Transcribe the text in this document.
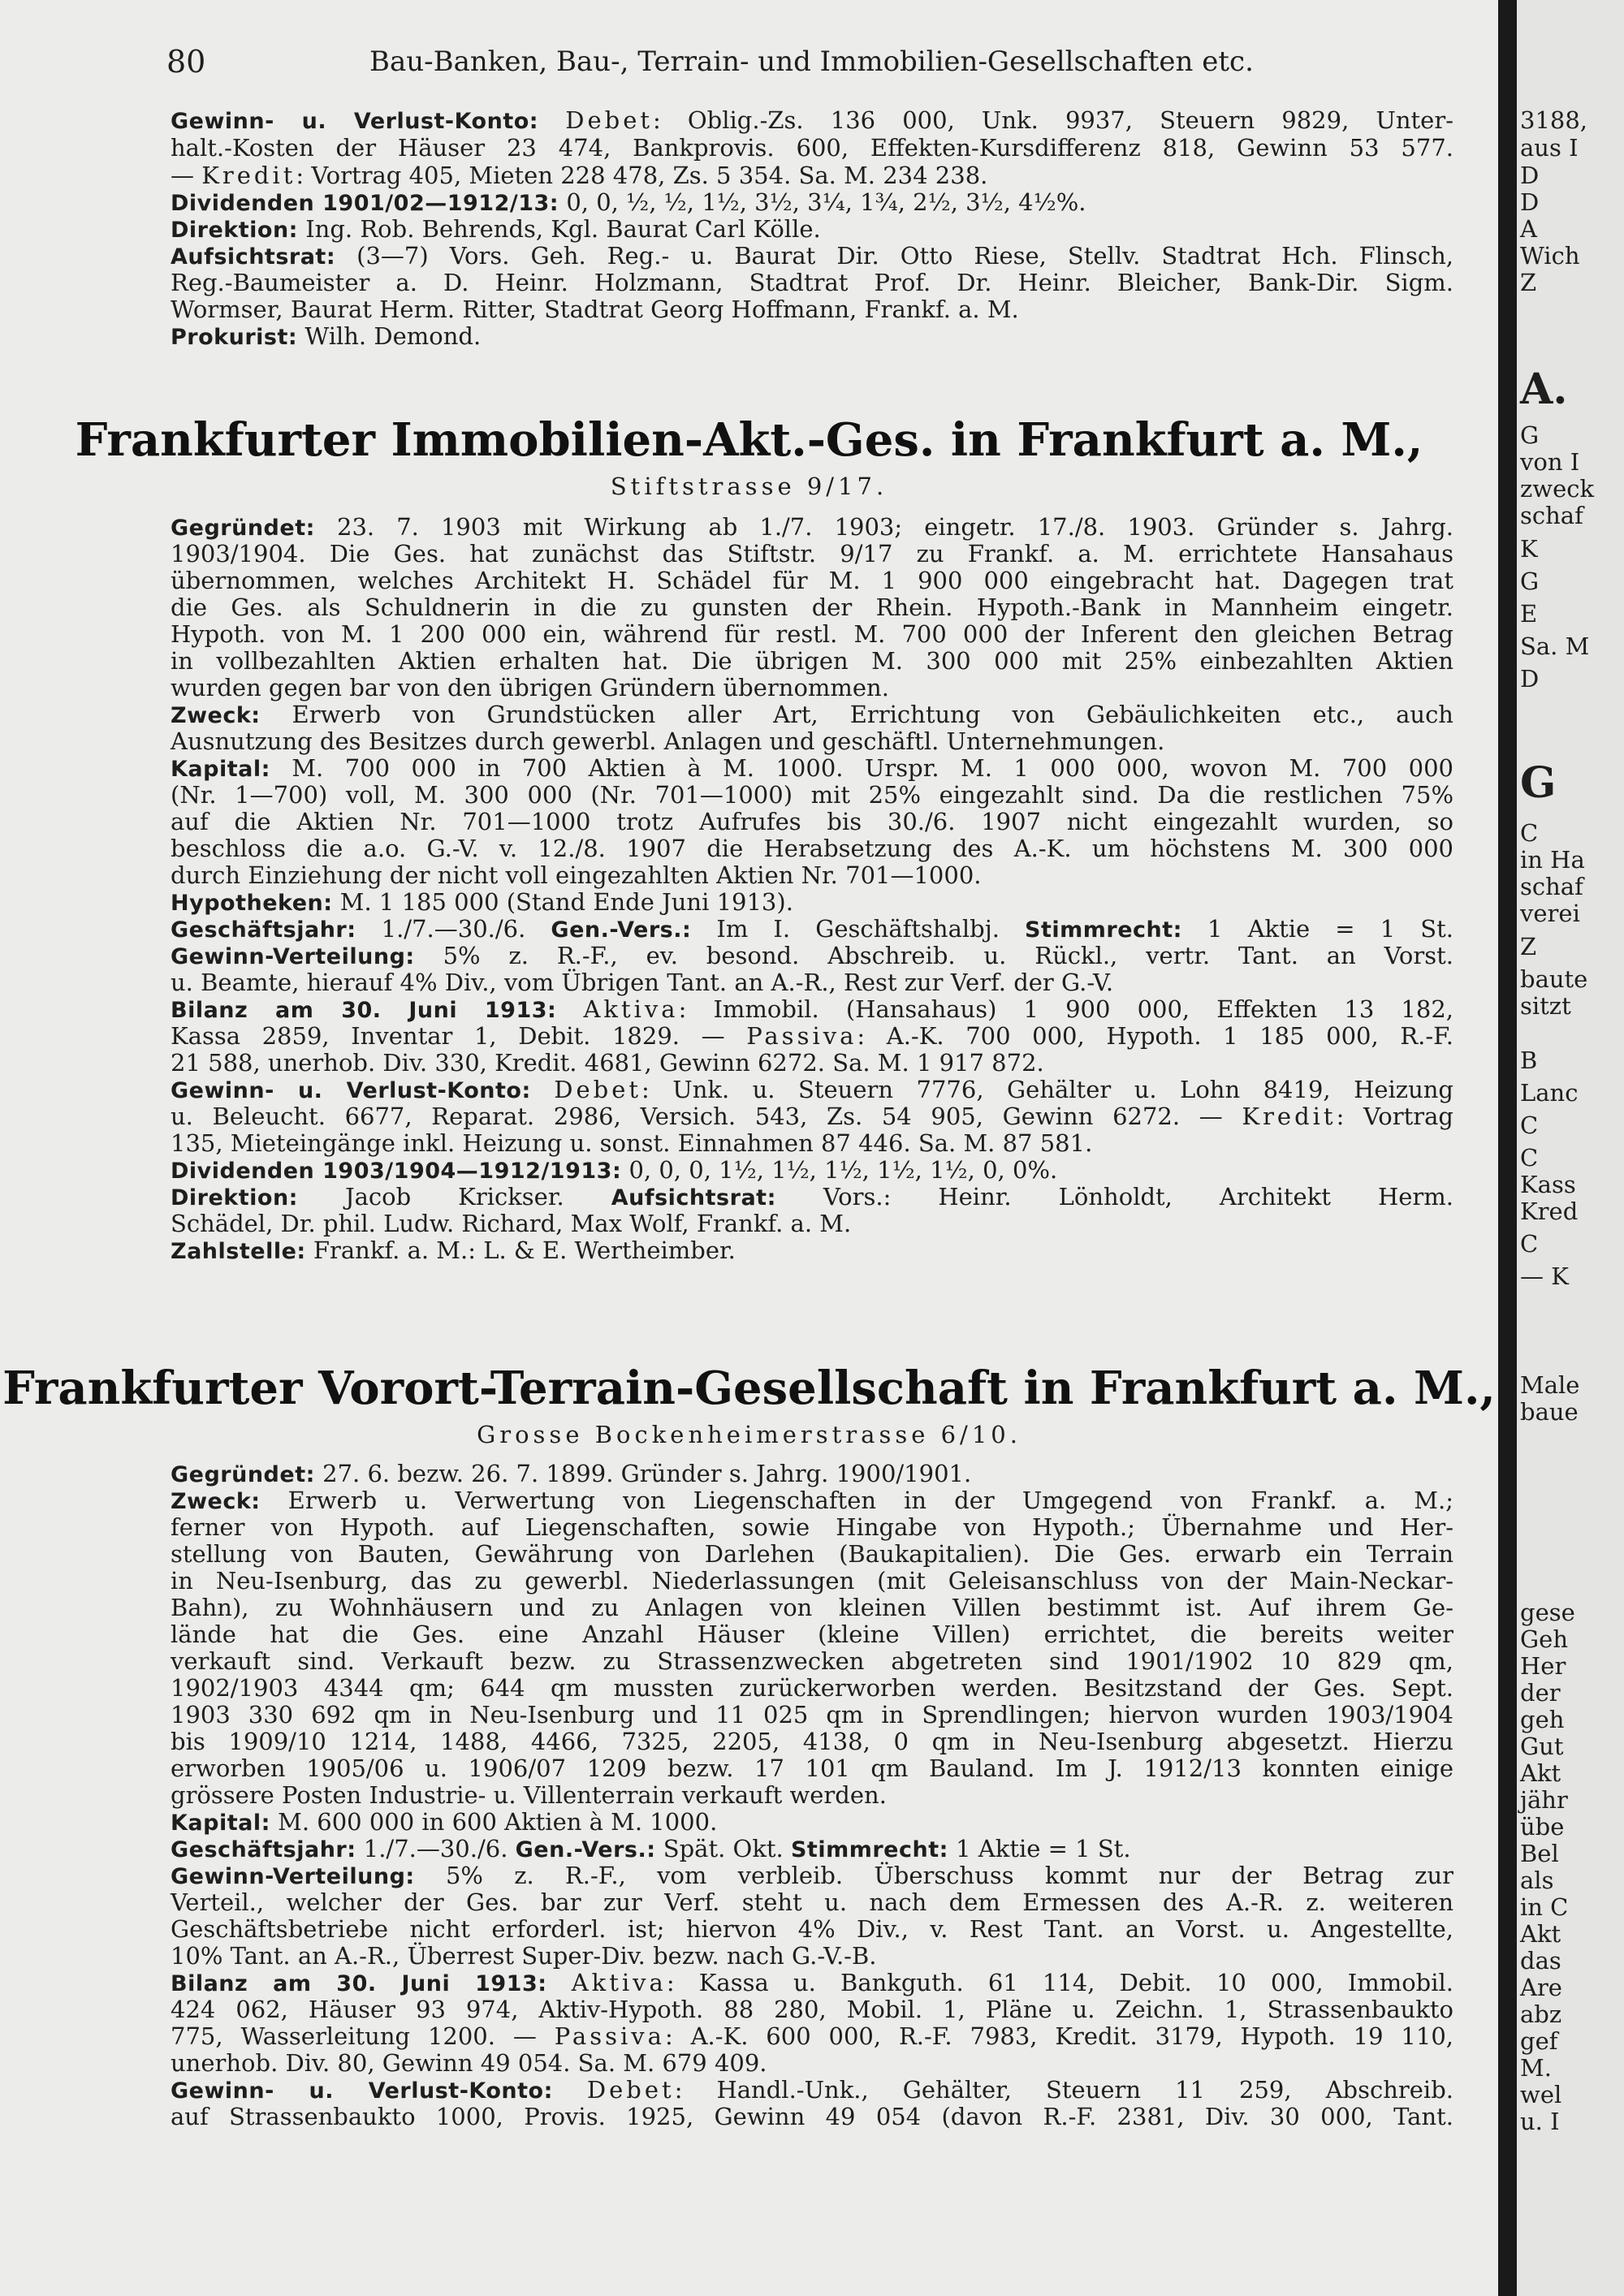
80	Bau-Banken, Bau-, Terrain- und Immobilien-Gesellschaften etc.
Gewinn- u. Verlust-Konto: Debet: Oblig.-Zs. 136 000, Unk. 9937, Steuern 9829, Unter-
halt.-Kosten der Häuser 23 474, Bankprovis. 600, Effekten-Kursdifferenz 818, Gewinn 53 577.
— Kredit: Vortrag 405, Mieten 228 478, Zs. 5 354. Sa. M. 234 238.
Dividenden 1901/02—1912/13: 0, 0, ½, ½, 1½, 3½, 3¼, 1¾, 2½, 3½, 4½%.
Direktion: Ing. Rob. Behrends, Kgl. Baurat Carl Kölle.
Aufsichtsrat: (3—7) Vors. Geh. Reg.- u. Baurat Dir. Otto Riese, Stellv. Stadtrat Hch. Flinsch,
Reg.-Baumeister a. D. Heinr. Holzmann, Stadtrat Prof. Dr. Heinr. Bleicher, Bank-Dir. Sigm.
Wormser, Baurat Herm. Ritter, Stadtrat Georg Hoffmann, Frankf. a. M.
Prokurist: Wilh. Demond.
Gegründet: 23. 7. 1903 mit Wirkung ab 1./7. 1903; eingetr. 17./8. 1903. Gründer s. Jahrg.
1903/1904. Die Ges. hat zunächst das Stiftstr. 9/17 zu Frankf. a. M. errichtete Hansahaus
übernommen, welches Architekt H. Schädel für M. 1 900 000 eingebracht hat. Dagegen trat
die Ges. als Schuldnerin in die zu gunsten der Rhein. Hypoth.-Bank in Mannheim eingetr.
Hypoth. von M. 1 200 000 ein, während für restl. M. 700 000 der Inferent den gleichen Betrag
in vollbezahlten Aktien erhalten hat. Die übrigen M. 300 000 mit 25% einbezahlten Aktien
wurden gegen bar von den übrigen Gründern übernommen.
Zweck: Erwerb von Grundstücken aller Art, Errichtung von Gebäulichkeiten etc., auch
Ausnutzung des Besitzes durch gewerbl. Anlagen und geschäftl. Unternehmungen.
Kapital: M. 700 000 in 700 Aktien à M. 1000. Urspr. M. 1 000 000, wovon M. 700 000
(Nr. 1—700) voll, M. 300 000 (Nr. 701—1000) mit 25% eingezahlt sind. Da die restlichen 75%
auf die Aktien Nr. 701—1000 trotz Aufrufes bis 30./6. 1907 nicht eingezahlt wurden, so
beschloss die a.o. G.-V. v. 12./8. 1907 die Herabsetzung des A.-K. um höchstens M. 300 000
durch Einziehung der nicht voll eingezahlten Aktien Nr. 701—1000.
Hypotheken: M. 1 185 000 (Stand Ende Juni 1913).
Geschäftsjahr: 1./7.—30./6. Gen.-Vers.: Im I. Geschäftshalbj. Stimmrecht: 1 Aktie = 1 St.
Gewinn-Verteilung: 5% z. R.-F., ev. besond. Abschreib. u. Rückl., vertr. Tant. an Vorst.
u. Beamte, hierauf 4% Div., vom Übrigen Tant. an A.-R., Rest zur Verf. der G.-V.
Bilanz am 30. Juni 1913: Aktiva: Immobil. (Hansahaus) 1 900 000, Effekten 13 182,
Kassa 2859, Inventar 1, Debit. 1829. — Passiva: A.-K. 700 000, Hypoth. 1 185 000, R.-F.
21 588, unerhob. Div. 330, Kredit. 4681, Gewinn 6272. Sa. M. 1 917 872.
Gewinn- u. Verlust-Konto: Debet: Unk. u. Steuern 7776, Gehälter u. Lohn 8419, Heizung
u. Beleucht. 6677, Reparat. 2986, Versich. 543, Zs. 54 905, Gewinn 6272. — Kredit: Vortrag
135, Mieteingänge inkl. Heizung u. sonst. Einnahmen 87 446. Sa. M. 87 581.
Dividenden 1903/1904—1912/1913: 0, 0, 0, 1½, 1½, 1½, 1½, 1½, 0, 0%.
Direktion: Jacob Krickser. Aufsichtsrat: Vors.: Heinr. Lönholdt, Architekt Herm.
Schädel, Dr. phil. Ludw. Richard, Max Wolf, Frankf. a. M.
Zahlstelle: Frankf. a. M.: L. & E. Wertheimber.
Gegründet: 27. 6. bezw. 26. 7. 1899. Gründer s. Jahrg. 1900/1901.
Zweck: Erwerb u. Verwertung von Liegenschaften in der Umgegend von Frankf. a. M.;
ferner von Hypoth. auf Liegenschaften, sowie Hingabe von Hypoth.; Übernahme und Her-
stellung von Bauten, Gewährung von Darlehen (Baukapitalien). Die Ges. erwarb ein Terrain
in Neu-Isenburg, das zu gewerbl. Niederlassungen (mit Geleisanschluss von der Main-Neckar-
Bahn), zu Wohnhäusern und zu Anlagen von kleinen Villen bestimmt ist. Auf ihrem Ge-
lände hat die Ges. eine Anzahl Häuser (kleine Villen) errichtet, die bereits weiter
verkauft sind. Verkauft bezw. zu Strassenzwecken abgetreten sind 1901/1902 10 829 qm,
1902/1903 4344 qm; 644 qm mussten zurückerworben werden. Besitzstand der Ges. Sept.
1903 330 692 qm in Neu-Isenburg und 11 025 qm in Sprendlingen; hiervon wurden 1903/1904
bis 1909/10 1214, 1488, 4466, 7325, 2205, 4138, 0 qm in Neu-Isenburg abgesetzt. Hierzu
erworben 1905/06 u. 1906/07 1209 bezw. 17 101 qm Bauland. Im J. 1912/13 konnten einige
grössere Posten Industrie- u. Villenterrain verkauft werden.
Kapital: M. 600 000 in 600 Aktien à M. 1000.
Geschäftsjahr: 1./7.—30./6. Gen.-Vers.: Spät. Okt. Stimmrecht: 1 Aktie = 1 St.
Gewinn-Verteilung: 5% z. R.-F., vom verbleib. Überschuss kommt nur der Betrag zur
Verteil., welcher der Ges. bar zur Verf. steht u. nach dem Ermessen des A.-R. z. weiteren
Geschäftsbetriebe nicht erforderl. ist; hiervon 4% Div., v. Rest Tant. an Vorst. u. Angestellte,
10% Tant. an A.-R., Überrest Super-Div. bezw. nach G.-V.-B.
Bilanz am 30. Juni 1913: Aktiva: Kassa u. Bankguth. 61 114, Debit. 10 000, Immobil.
424 062, Häuser 93 974, Aktiv-Hypoth. 88 280, Mobil. 1, Pläne u. Zeichn. 1, Strassenbaukto
775, Wasserleitung 1200. — Passiva: A.-K. 600 000, R.-F. 7983, Kredit. 3179, Hypoth. 19 110,
unerhob. Div. 80, Gewinn 49 054. Sa. M. 679 409.
Gewinn- u. Verlust-Konto: Debet: Handl.-Unk., Gehälter, Steuern 11 259, Abschreib.
auf Strassenbaukto 1000, Provis. 1925, Gewinn 49 054 (davon R.-F. 2381, Div. 30 000, Tant.
Frankfurter Immobilien-Akt.-Ges. in Frankfurt a. M.,
Stiftstrasse 9/17.
Frankfurter Vorort-Terrain-Gesellschaft in Frankfurt a. M.,
Grosse Bockenheimerstrasse 6/10.
3188,
aus I
D
D
A
Wich
Z
A.
G
von I
zweck
schaf
K
G
E
Sa. M
D
G
C
in Ha
schaf
verei
Z
baute
sitzt
B
Lanc
C
C
Kass
Kred
C
— K
Male
baue
gese
Geh
Her
der
geh
Gut
Akt
jähr
übe
Bel
als
in C
Akt
das
Are
abz
gef
M.
wel
u. I
